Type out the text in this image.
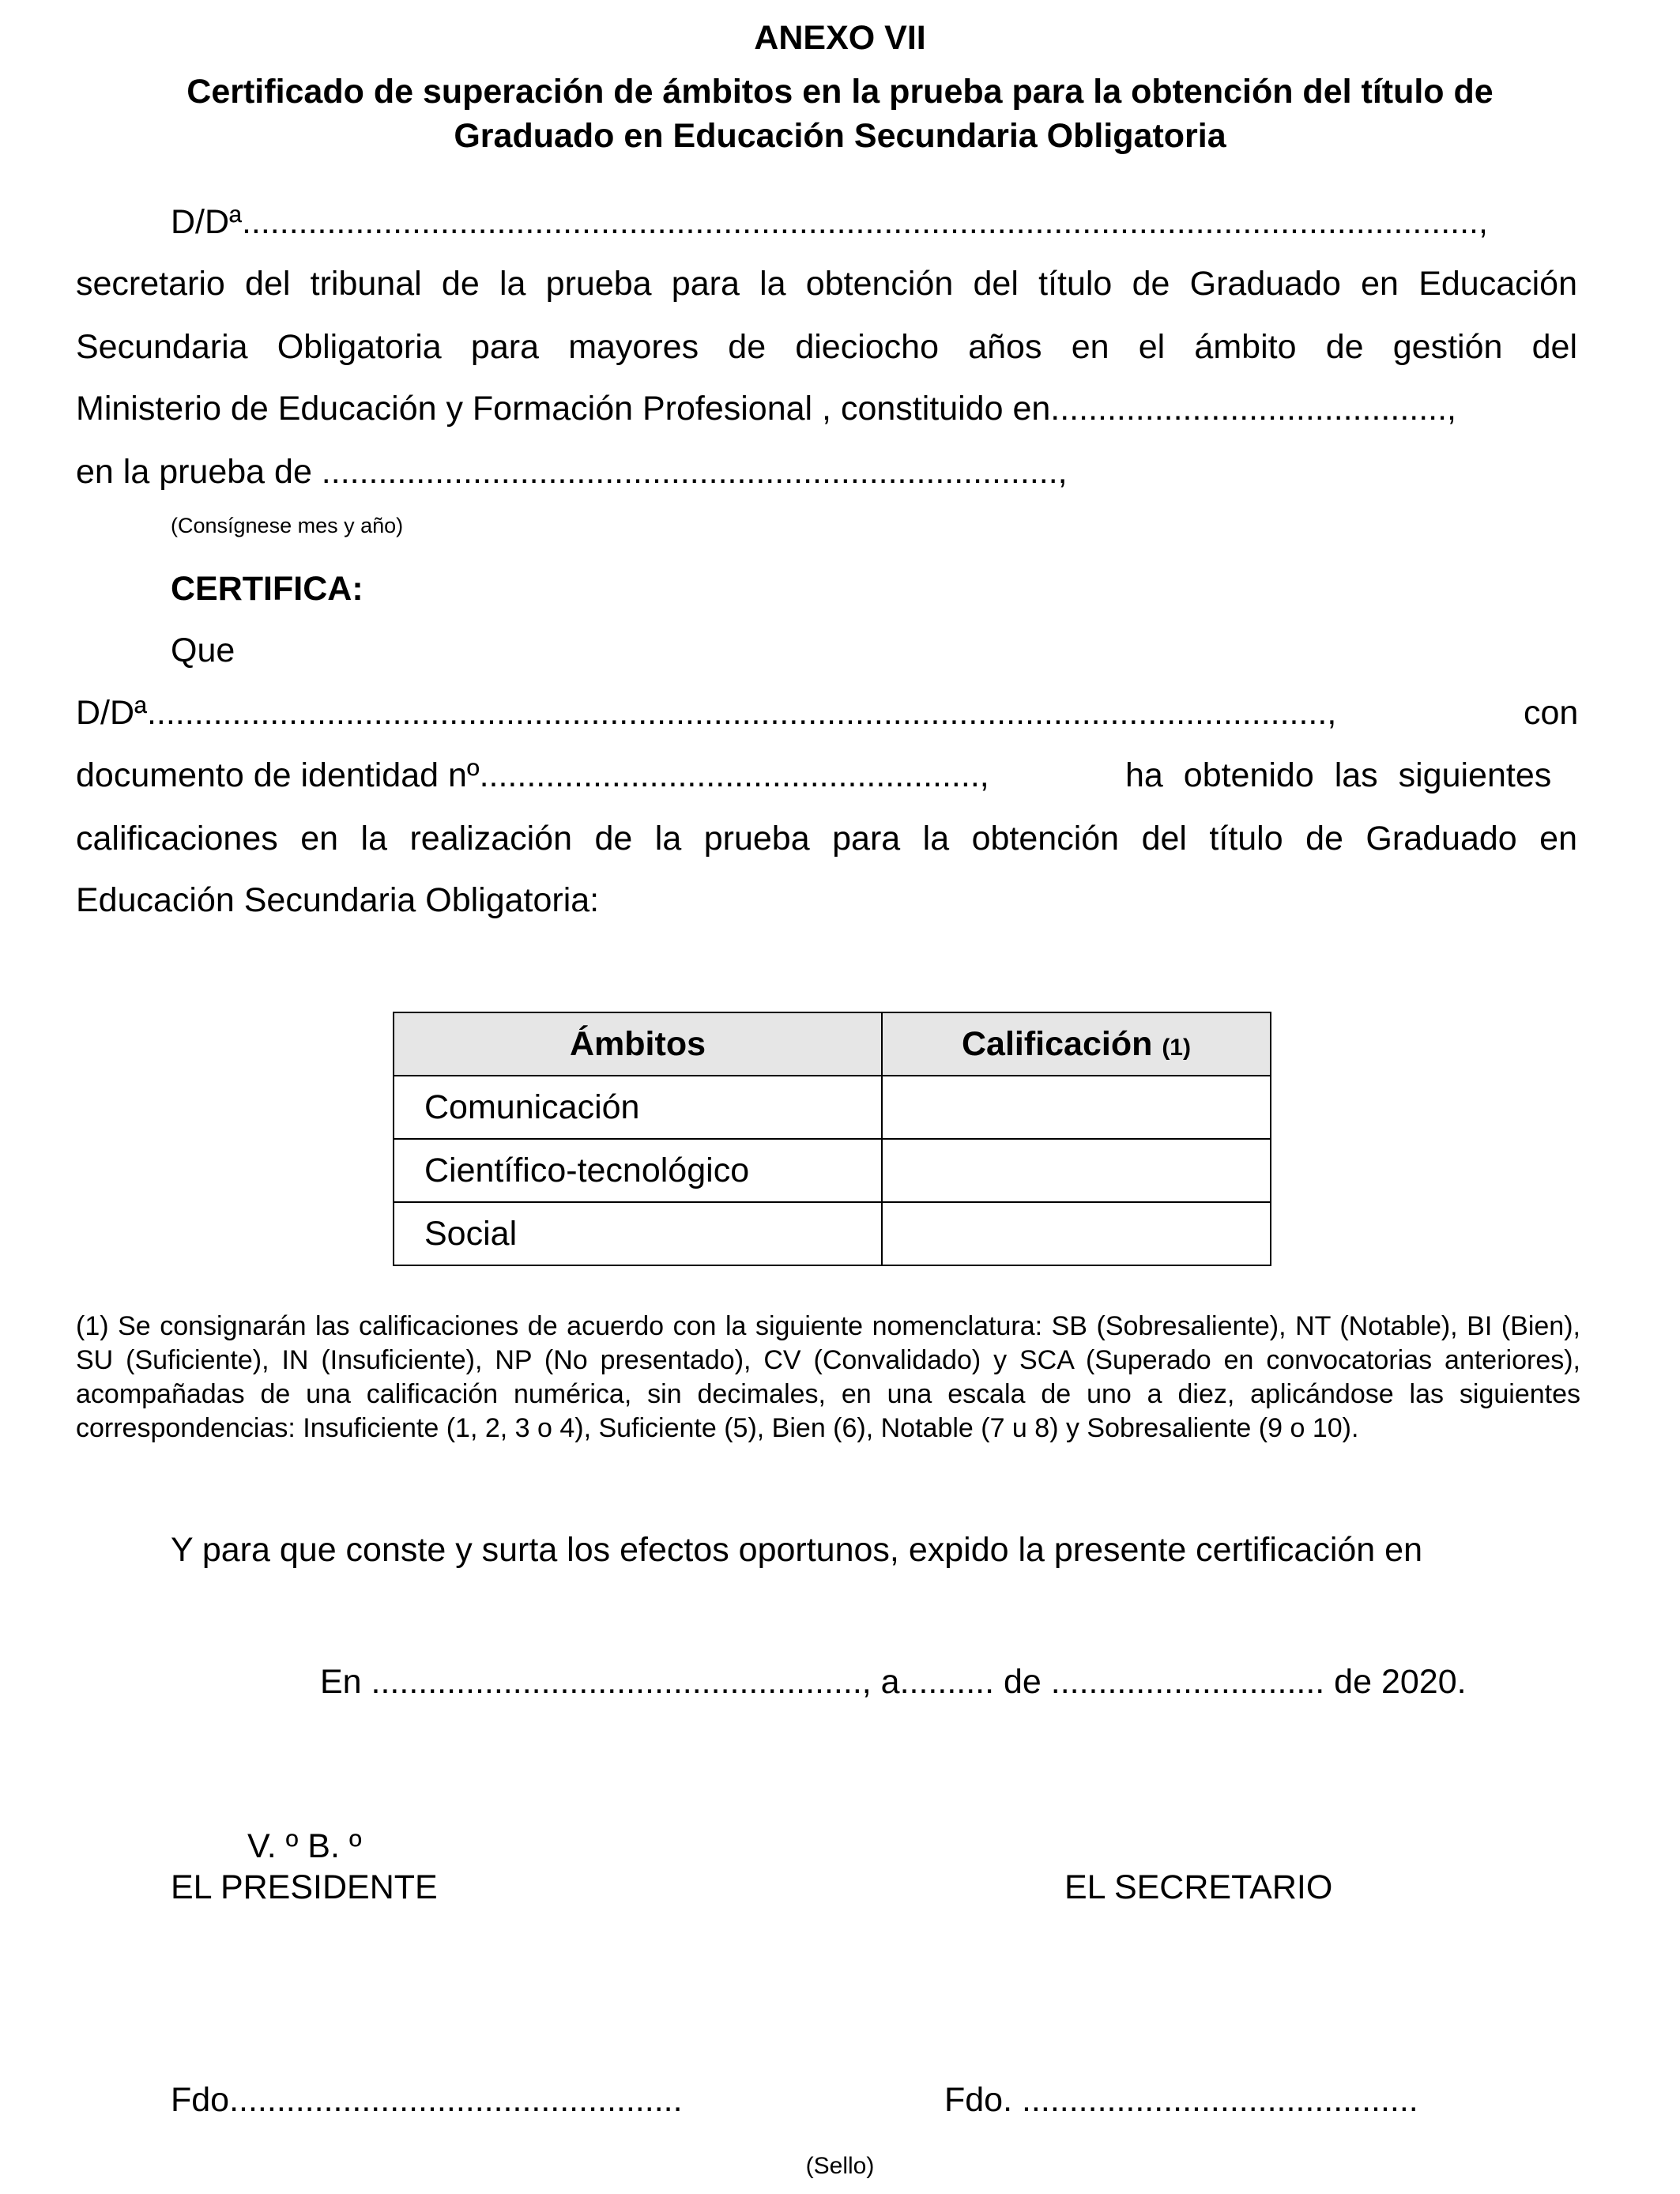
ANEXO VII
Certificado de superación de ámbitos en la prueba para la obtención del título de
Graduado en Educación Secundaria Obligatoria
D/Dª...................................................................................................................................,
secretario del tribunal de la prueba para la obtención del título de Graduado en Educación
Secundaria Obligatoria para mayores de dieciocho años en el ámbito de gestión del
Ministerio de Educación y Formación Profesional , constituido en..........................................,
en la prueba de ..............................................................................,
(Consígnese mes y año)
CERTIFICA:
Que
D/Dª.............................................................................................................................,	con
documento de identidad nº.....................................................,	ha obtenido las siguientes
calificaciones en la realización de la prueba para la obtención del título de Graduado en
Educación Secundaria Obligatoria:
Ámbitos	Calificación (1)
Comunicación	
Científico-tecnológico	
Social	
(1) Se consignarán las calificaciones de acuerdo con la siguiente nomenclatura: SB (Sobresaliente), NT (Notable), BI (Bien), SU (Suficiente), IN (Insuficiente), NP (No presentado), CV (Convalidado) y SCA (Superado en convocatorias anteriores), acompañadas de una calificación numérica, sin decimales, en una escala de uno a diez, aplicándose las siguientes correspondencias: Insuficiente (1, 2, 3 o 4), Suficiente (5), Bien (6), Notable (7 u 8) y Sobresaliente (9 o 10).
Y para que conste y surta los efectos oportunos, expido la presente certificación en
En ...................................................., a.......... de ............................. de 2020.
V. º B. º
EL PRESIDENTE	EL SECRETARIO
Fdo................................................	Fdo. ..........................................
(Sello)
